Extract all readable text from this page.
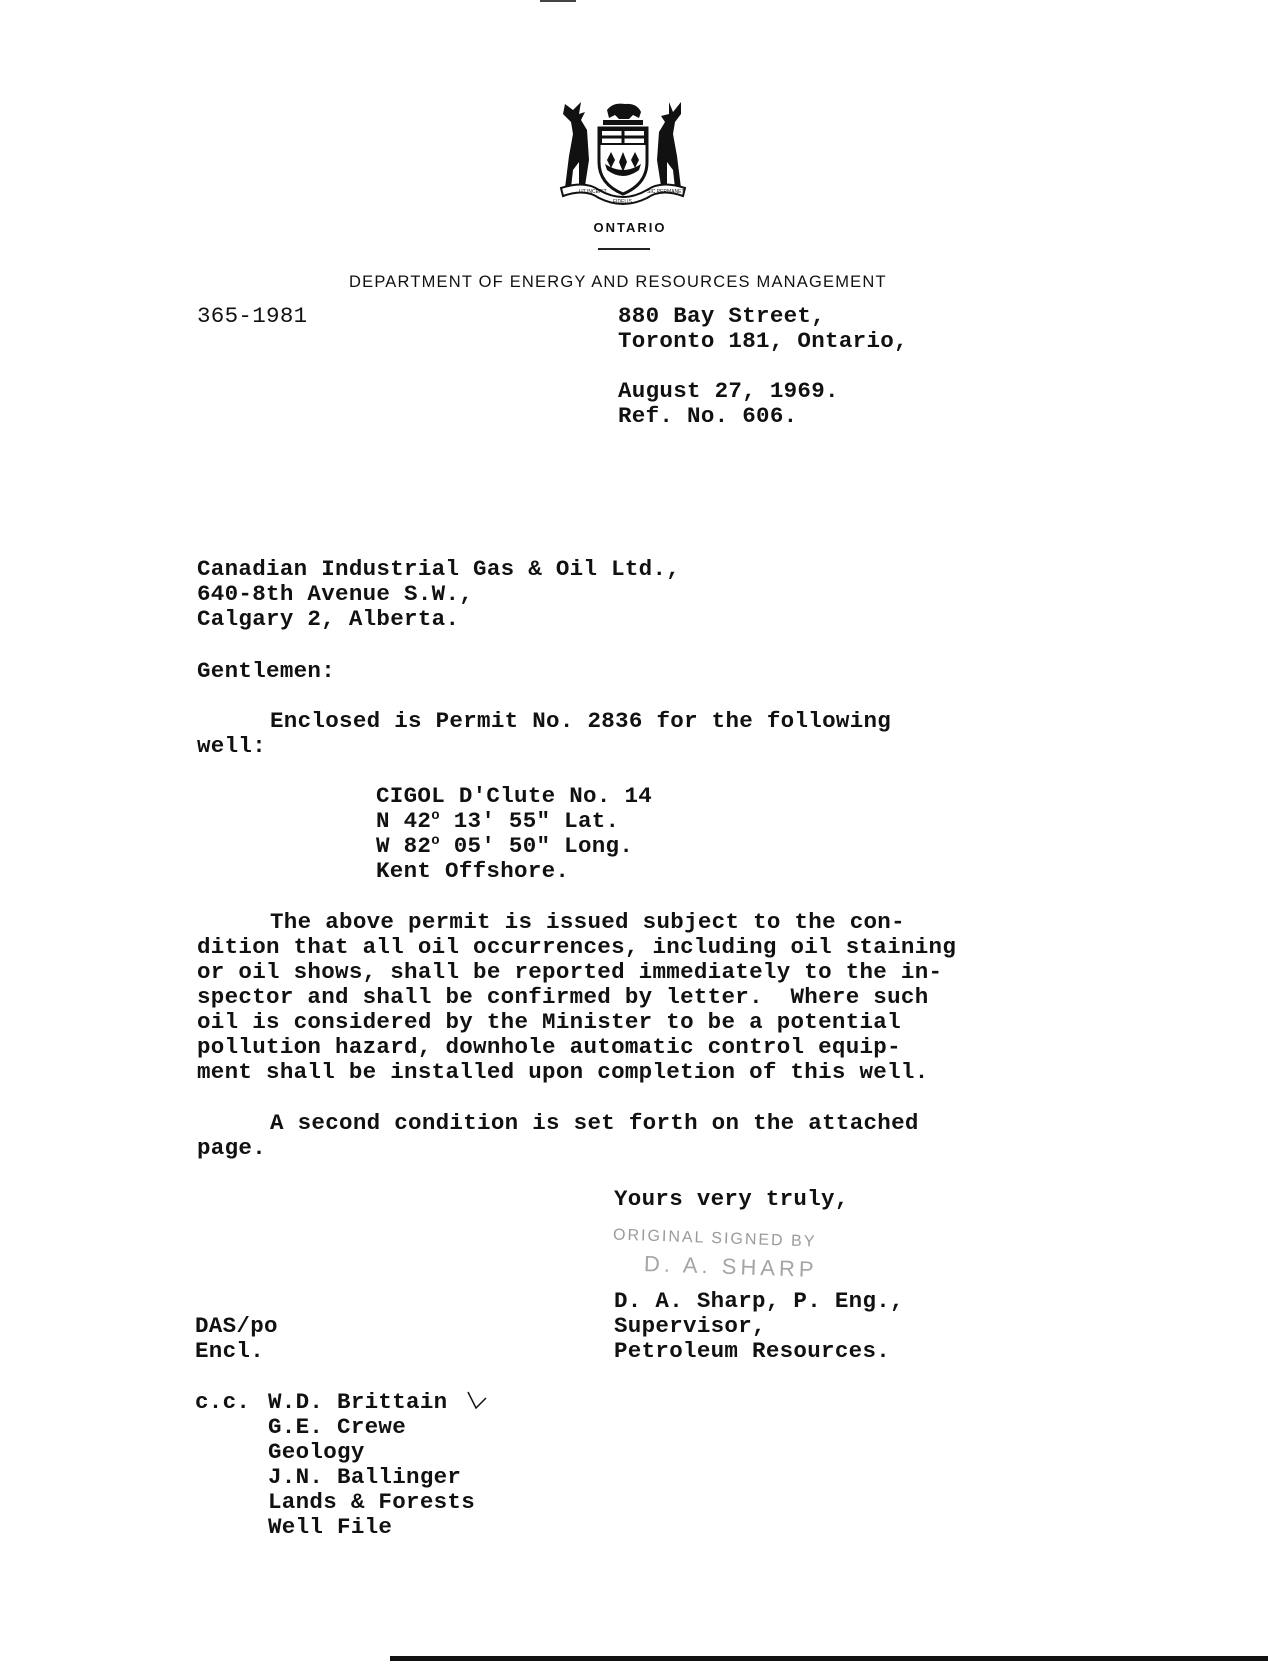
UT INCEPIT
FIDELIS
SIC PERMANET
ONTARIO
DEPARTMENT OF ENERGY AND RESOURCES MANAGEMENT
365-1981	880 Bay Street,
Toronto 181, Ontario,
August 27, 1969.
Ref. No. 606.
Canadian Industrial Gas & Oil Ltd.,
640-8th Avenue S.W.,
Calgary 2, Alberta.
Gentlemen:
Enclosed is Permit No. 2836 for the following
well:
CIGOL D'Clute No. 14
N 42$^o$ 13' 55" Lat.
W 82$^o$ 05' 50" Long.
Kent Offshore.
The above permit is issued subject to the con-
dition that all oil occurrences, including oil staining
or oil shows, shall be reported immediately to the in-
spector and shall be confirmed by letter.  Where such
oil is considered by the Minister to be a potential
pollution hazard, downhole automatic control equip-
ment shall be installed upon completion of this well.
A second condition is set forth on the attached
page.
Yours very truly,
ORIGINAL SIGNED BY
D. A. SHARP
D. A. Sharp, P. Eng.,
Supervisor,
Petroleum Resources.
DAS/po
Encl.
c.c. W.D. Brittain
G.E. Crewe
Geology
J.N. Ballinger
Lands & Forests
Well File
